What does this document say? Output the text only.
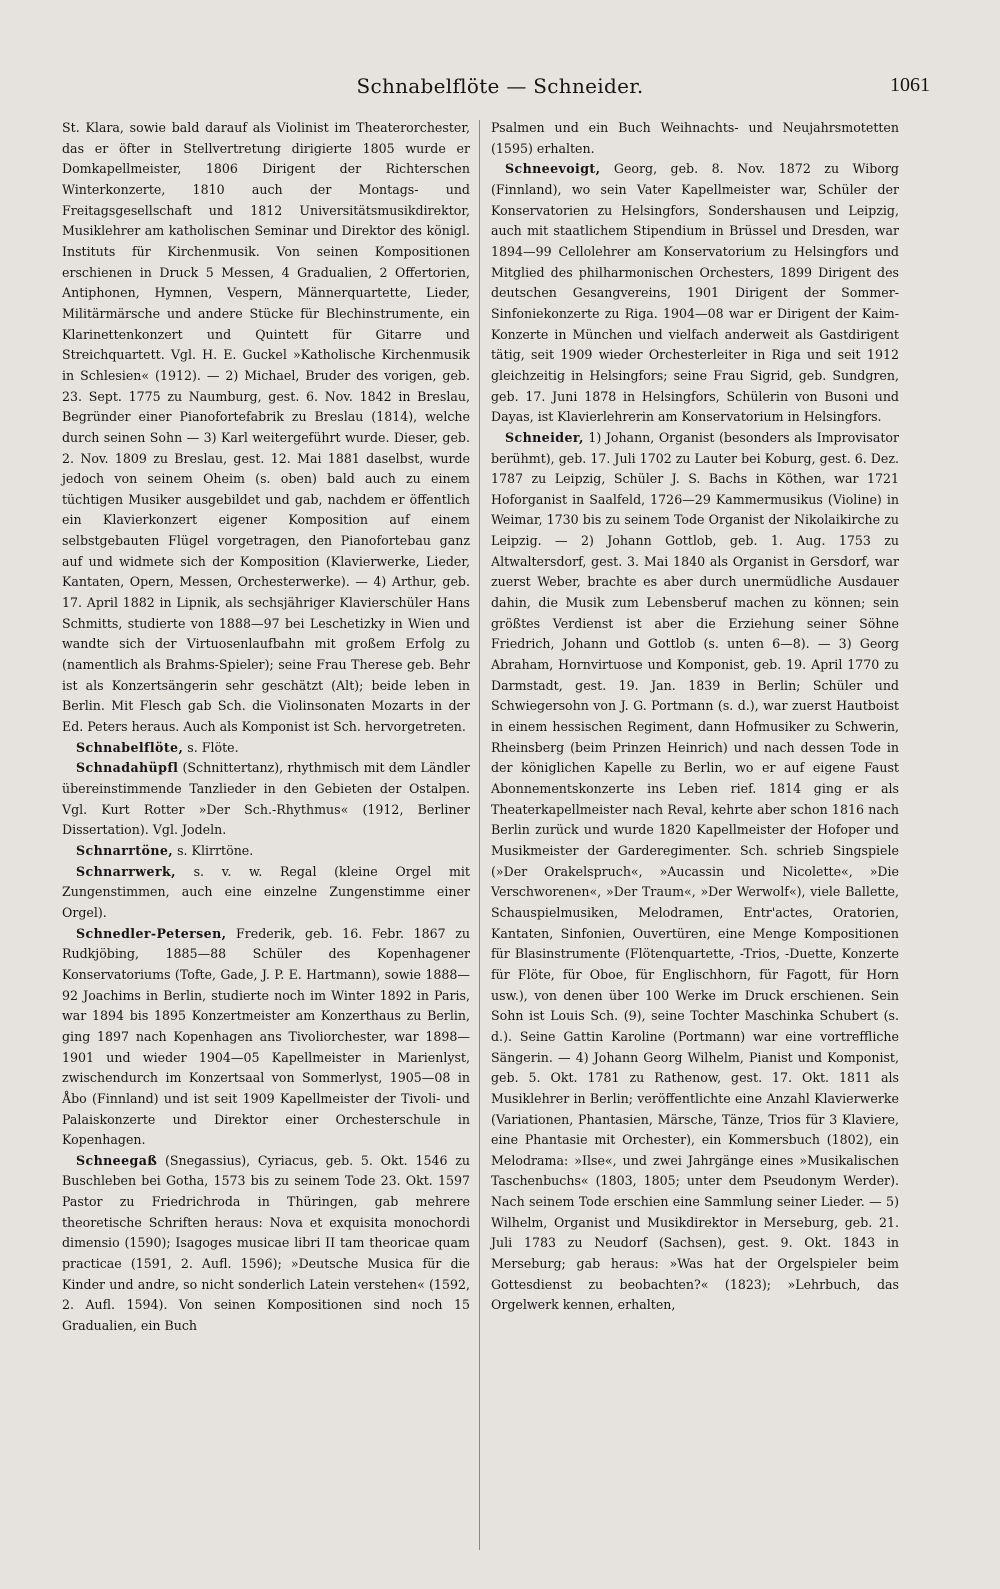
Schnabelflöte — Schneider.	1061

St. Klara, sowie bald darauf als Violinist im Theaterorchester, das er öfter in Stellvertretung dirigierte 1805 wurde er Domkapellmeister, 1806 Dirigent der Richterschen Winterkonzerte, 1810 auch der Montags- und Freitagsgesellschaft und 1812 Universitätsmusikdirektor, Musiklehrer am katholischen Seminar und Direktor des königl. Instituts für Kirchenmusik. Von seinen Kompositionen erschienen in Druck 5 Messen, 4 Gradualien, 2 Offertorien, Antiphonen, Hymnen, Vespern, Männerquartette, Lieder, Militärmärsche und andere Stücke für Blechinstrumente, ein Klarinettenkonzert und Quintett für Gitarre und Streichquartett. Vgl. H. E. Guckel »Katholische Kirchenmusik in Schlesien« (1912). — 2) Michael, Bruder des vorigen, geb. 23. Sept. 1775 zu Naumburg, gest. 6. Nov. 1842 in Breslau, Begründer einer Pianofortefabrik zu Breslau (1814), welche durch seinen Sohn — 3) Karl weitergeführt wurde. Dieser, geb. 2. Nov. 1809 zu Breslau, gest. 12. Mai 1881 daselbst, wurde jedoch von seinem Oheim (s. oben) bald auch zu einem tüchtigen Musiker ausgebildet und gab, nachdem er öffentlich ein Klavierkonzert eigener Komposition auf einem selbstgebauten Flügel vorgetragen, den Pianofortebau ganz auf und widmete sich der Komposition (Klavierwerke, Lieder, Kantaten, Opern, Messen, Orchesterwerke). — 4) Arthur, geb. 17. April 1882 in Lipnik, als sechsjähriger Klavierschüler Hans Schmitts, studierte von 1888—97 bei Leschetizky in Wien und wandte sich der Virtuosenlaufbahn mit großem Erfolg zu (namentlich als Brahms-Spieler); seine Frau Therese geb. Behr ist als Konzertsängerin sehr geschätzt (Alt); beide leben in Berlin. Mit Flesch gab Sch. die Violinsonaten Mozarts in der Ed. Peters heraus. Auch als Komponist ist Sch. hervorgetreten.

Schnabelflöte, s. Flöte.

Schnadahüpfl (Schnittertanz), rhythmisch mit dem Ländler übereinstimmende Tanzlieder in den Gebieten der Ostalpen. Vgl. Kurt Rotter »Der Sch.-Rhythmus« (1912, Berliner Dissertation). Vgl. Jodeln.

Schnarrtöne, s. Klirrtöne.

Schnarrwerk, s. v. w. Regal (kleine Orgel mit Zungenstimmen, auch eine einzelne Zungenstimme einer Orgel).

Schnedler-Petersen, Frederik, geb. 16. Febr. 1867 zu Rudkjöbing, 1885—88 Schüler des Kopenhagener Konservatoriums (Tofte, Gade, J. P. E. Hartmann), sowie 1888—92 Joachims in Berlin, studierte noch im Winter 1892 in Paris, war 1894 bis 1895 Konzertmeister am Konzerthaus zu Berlin, ging 1897 nach Kopenhagen ans Tivoliorchester, war 1898—1901 und wieder 1904—05 Kapellmeister in Marienlyst, zwischendurch im Konzertsaal von Sommerlyst, 1905—08 in Åbo (Finnland) und ist seit 1909 Kapellmeister der Tivoli- und Palaiskonzerte und Direktor einer Orchesterschule in Kopenhagen.

Schneegaß (Snegassius), Cyriacus, geb. 5. Okt. 1546 zu Buschleben bei Gotha, 1573 bis zu seinem Tode 23. Okt. 1597 Pastor zu Friedrichroda in Thüringen, gab mehrere theoretische Schriften heraus: Nova et exquisita monochordi dimensio (1590); Isagoges musicae libri II tam theoricae quam practicae (1591, 2. Aufl. 1596); »Deutsche Musica für die Kinder und andre, so nicht sonderlich Latein verstehen« (1592, 2. Aufl. 1594). Von seinen Kompositionen sind noch 15 Gradualien, ein Buch

Psalmen und ein Buch Weihnachts- und Neujahrsmotetten (1595) erhalten.

Schneevoigt, Georg, geb. 8. Nov. 1872 zu Wiborg (Finnland), wo sein Vater Kapellmeister war, Schüler der Konservatorien zu Helsingfors, Sondershausen und Leipzig, auch mit staatlichem Stipendium in Brüssel und Dresden, war 1894—99 Cellolehrer am Konservatorium zu Helsingfors und Mitglied des philharmonischen Orchesters, 1899 Dirigent des deutschen Gesangvereins, 1901 Dirigent der Sommer-Sinfoniekonzerte zu Riga. 1904—08 war er Dirigent der Kaim-Konzerte in München und vielfach anderweit als Gastdirigent tätig, seit 1909 wieder Orchesterleiter in Riga und seit 1912 gleichzeitig in Helsingfors; seine Frau Sigrid, geb. Sundgren, geb. 17. Juni 1878 in Helsingfors, Schülerin von Busoni und Dayas, ist Klavierlehrerin am Konservatorium in Helsingfors.

Schneider, 1) Johann, Organist (besonders als Improvisator berühmt), geb. 17. Juli 1702 zu Lauter bei Koburg, gest. 6. Dez. 1787 zu Leipzig, Schüler J. S. Bachs in Köthen, war 1721 Hoforganist in Saalfeld, 1726—29 Kammermusikus (Violine) in Weimar, 1730 bis zu seinem Tode Organist der Nikolaikirche zu Leipzig. — 2) Johann Gottlob, geb. 1. Aug. 1753 zu Altwaltersdorf, gest. 3. Mai 1840 als Organist in Gersdorf, war zuerst Weber, brachte es aber durch unermüdliche Ausdauer dahin, die Musik zum Lebensberuf machen zu können; sein größtes Verdienst ist aber die Erziehung seiner Söhne Friedrich, Johann und Gottlob (s. unten 6—8). — 3) Georg Abraham, Hornvirtuose und Komponist, geb. 19. April 1770 zu Darmstadt, gest. 19. Jan. 1839 in Berlin; Schüler und Schwiegersohn von J. G. Portmann (s. d.), war zuerst Hautboist in einem hessischen Regiment, dann Hofmusiker zu Schwerin, Rheinsberg (beim Prinzen Heinrich) und nach dessen Tode in der königlichen Kapelle zu Berlin, wo er auf eigene Faust Abonnementskonzerte ins Leben rief. 1814 ging er als Theaterkapellmeister nach Reval, kehrte aber schon 1816 nach Berlin zurück und wurde 1820 Kapellmeister der Hofoper und Musikmeister der Garderegimenter. Sch. schrieb Singspiele (»Der Orakelspruch«, »Aucassin und Nicolette«, »Die Verschworenen«, »Der Traum«, »Der Werwolf«), viele Ballette, Schauspielmusiken, Melodramen, Entr'actes, Oratorien, Kantaten, Sinfonien, Ouvertüren, eine Menge Kompositionen für Blasinstrumente (Flötenquartette, -Trios, -Duette, Konzerte für Flöte, für Oboe, für Englischhorn, für Fagott, für Horn usw.), von denen über 100 Werke im Druck erschienen. Sein Sohn ist Louis Sch. (9), seine Tochter Maschinka Schubert (s. d.). Seine Gattin Karoline (Portmann) war eine vortreffliche Sängerin. — 4) Johann Georg Wilhelm, Pianist und Komponist, geb. 5. Okt. 1781 zu Rathenow, gest. 17. Okt. 1811 als Musiklehrer in Berlin; veröffentlichte eine Anzahl Klavierwerke (Variationen, Phantasien, Märsche, Tänze, Trios für 3 Klaviere, eine Phantasie mit Orchester), ein Kommersbuch (1802), ein Melodrama: »Ilse«, und zwei Jahrgänge eines »Musikalischen Taschenbuchs« (1803, 1805; unter dem Pseudonym Werder). Nach seinem Tode erschien eine Sammlung seiner Lieder. — 5) Wilhelm, Organist und Musikdirektor in Merseburg, geb. 21. Juli 1783 zu Neudorf (Sachsen), gest. 9. Okt. 1843 in Merseburg; gab heraus: »Was hat der Orgelspieler beim Gottesdienst zu beobachten?« (1823); »Lehrbuch, das Orgelwerk kennen, erhalten,
